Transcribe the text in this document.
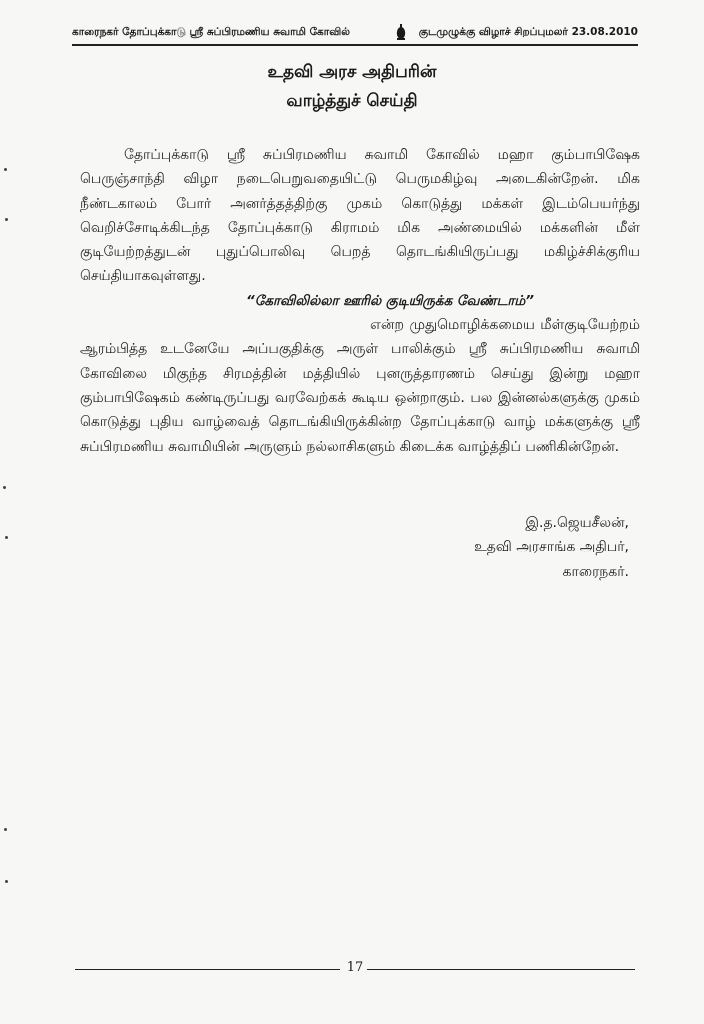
காரைநகர் தோப்புக்காடு ஸ்ரீ சுப்பிரமணிய சுவாமி கோவில்	குடமுழுக்கு விழாச் சிறப்புமலர் 23.08.2010
உதவி அரச அதிபரின்
வாழ்த்துச் செய்தி

தோப்புக்காடு ஸ்ரீ சுப்பிரமணிய சுவாமி கோவில் மஹா கும்பாபிஷேக பெருஞ்சாந்தி விழா நடைபெறுவதையிட்டு பெருமகிழ்வு அடைகின்றேன். மிக நீண்டகாலம் போர் அனர்த்தத்திற்கு முகம் கொடுத்து மக்கள் இடம்பெயர்ந்து வெறிச்சோடிக்கிடந்த தோப்புக்காடு கிராமம் மிக அண்மையில் மக்களின் மீள் குடியேற்றத்துடன் புதுப்பொலிவு பெறத் தொடங்கியிருப்பது மகிழ்ச்சிக்குரிய செய்தியாகவுள்ளது.

“கோவிலில்லா ஊரில் குடியிருக்க வேண்டாம்”

என்ற முதுமொழிக்கமைய மீள்குடியேற்றம் ஆரம்பித்த உடனேயே அப்பகுதிக்கு அருள் பாலிக்கும் ஸ்ரீ சுப்பிரமணிய சுவாமி கோவிலை மிகுந்த சிரமத்தின் மத்தியில் புனருத்தாரணம் செய்து இன்று மஹா கும்பாபிஷேகம் கண்டிருப்பது வரவேற்கக் கூடிய ஒன்றாகும். பல இன்னல்களுக்கு முகம் கொடுத்து புதிய வாழ்வைத் தொடங்கியிருக்கின்ற தோப்புக்காடு வாழ் மக்களுக்கு ஸ்ரீ சுப்பிரமணிய சுவாமியின் அருளும் நல்லாசிகளும் கிடைக்க வாழ்த்திப் பணிகின்றேன்.

இ.த.ஜெயசீலன்,
உதவி அரசாங்க அதிபர்,
காரைநகர்.
17
